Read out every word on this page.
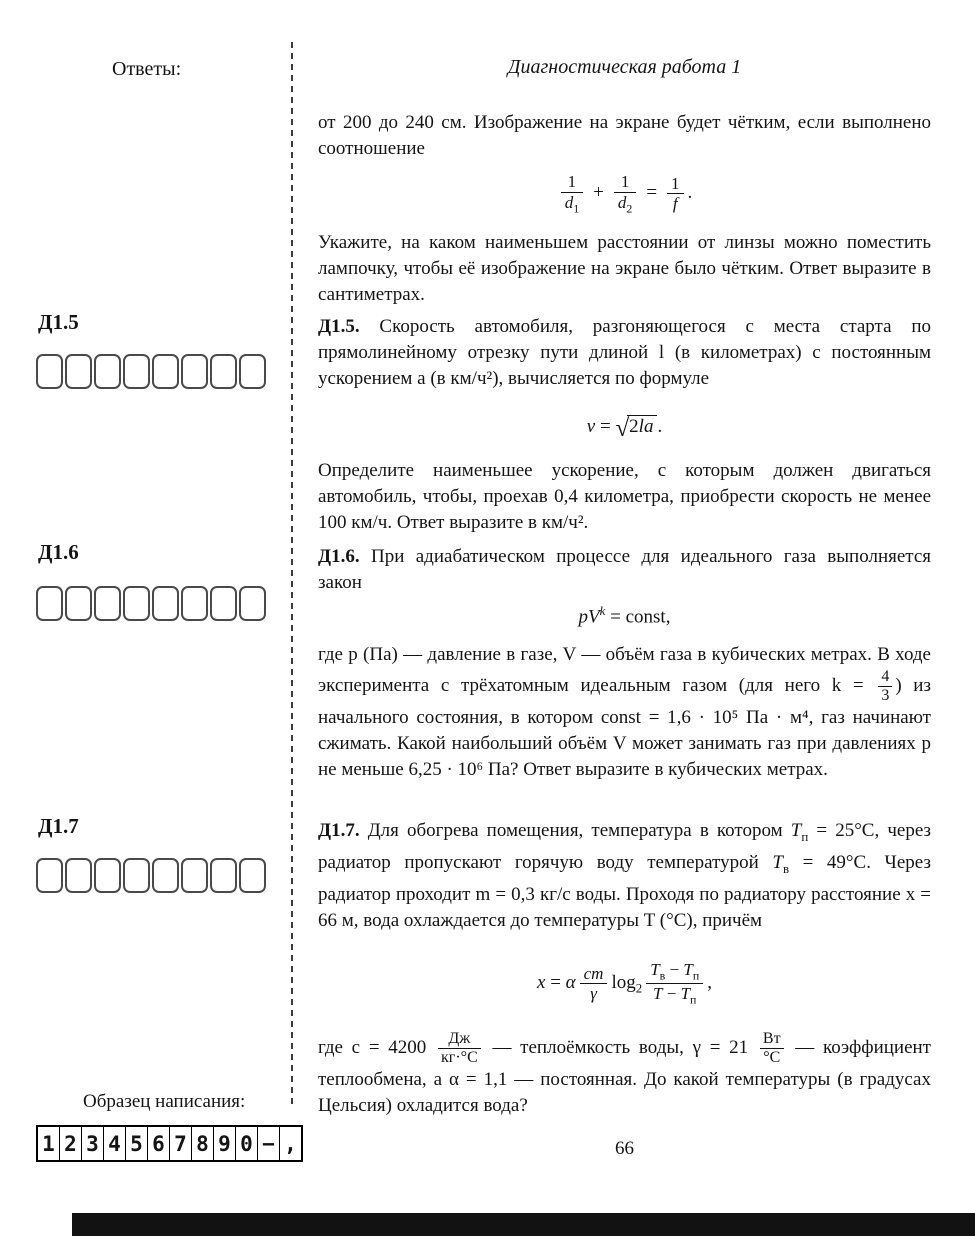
Ответы:
Д1.5
Д1.6
Д1.7
Образец написания:
1 2 3 4 5 6 7 8 9 0 − ,
Диагностическая работа 1
от 200 до 240 см. Изображение на экране будет чётким, если выполнено соотношение
$\frac{1}{d_1} + \frac{1}{d_2} = \frac{1}{f}$ .
Укажите, на каком наименьшем расстоянии от линзы можно поместить лампочку, чтобы её изображение на экране было чётким. Ответ выразите в сантиметрах.
Д1.5. Скорость автомобиля, разгоняющегося с места старта по прямолинейному отрезку пути длиной l (в километрах) с постоянным ускорением a (в км/ч²), вычисляется по формуле
v = √2la .
Определите наименьшее ускорение, с которым должен двигаться автомобиль, чтобы, проехав 0,4 километра, приобрести скорость не менее 100 км/ч. Ответ выразите в км/ч².
Д1.6. При адиабатическом процессе для идеального газа выполняется закон
$pV^k$ = const,
где p (Па) — давление в газе, V — объём газа в кубических метрах. В ходе эксперимента с трёхатомным идеальным газом (для него $k = \frac{4}{3}$ ) из начального состояния, в котором const = 1,6 · 10⁵ Па · м⁴, газ начинают сжимать. Какой наибольший объём V может занимать газ при давлениях p не меньше 6,25 · 10⁶ Па? Ответ выразите в кубических метрах.
Д1.7. Для обогрева помещения, температура в котором $T_п = 25^\circ C$, через радиатор пропускают горячую воду температурой $T_в = 49^\circ C$. Через радиатор проходит m = 0,3 кг/с воды. Проходя по радиатору расстояние x = 66 м, вода охлаждается до температуры T (°C), причём
x = α $\frac{cm}{\gamma} \log_2 \frac{T_в - T_п}{T - T_п}$ ,
где $c = 4200 \frac{Дж}{кг\cdot^\circ C}$ — теплоёмкость воды, $\gamma = 21 \frac{Вт}{^\circ C}$ — коэффициент теплообмена, а α = 1,1 — постоянная. До какой температуры (в градусах Цельсия) охладится вода?
66
